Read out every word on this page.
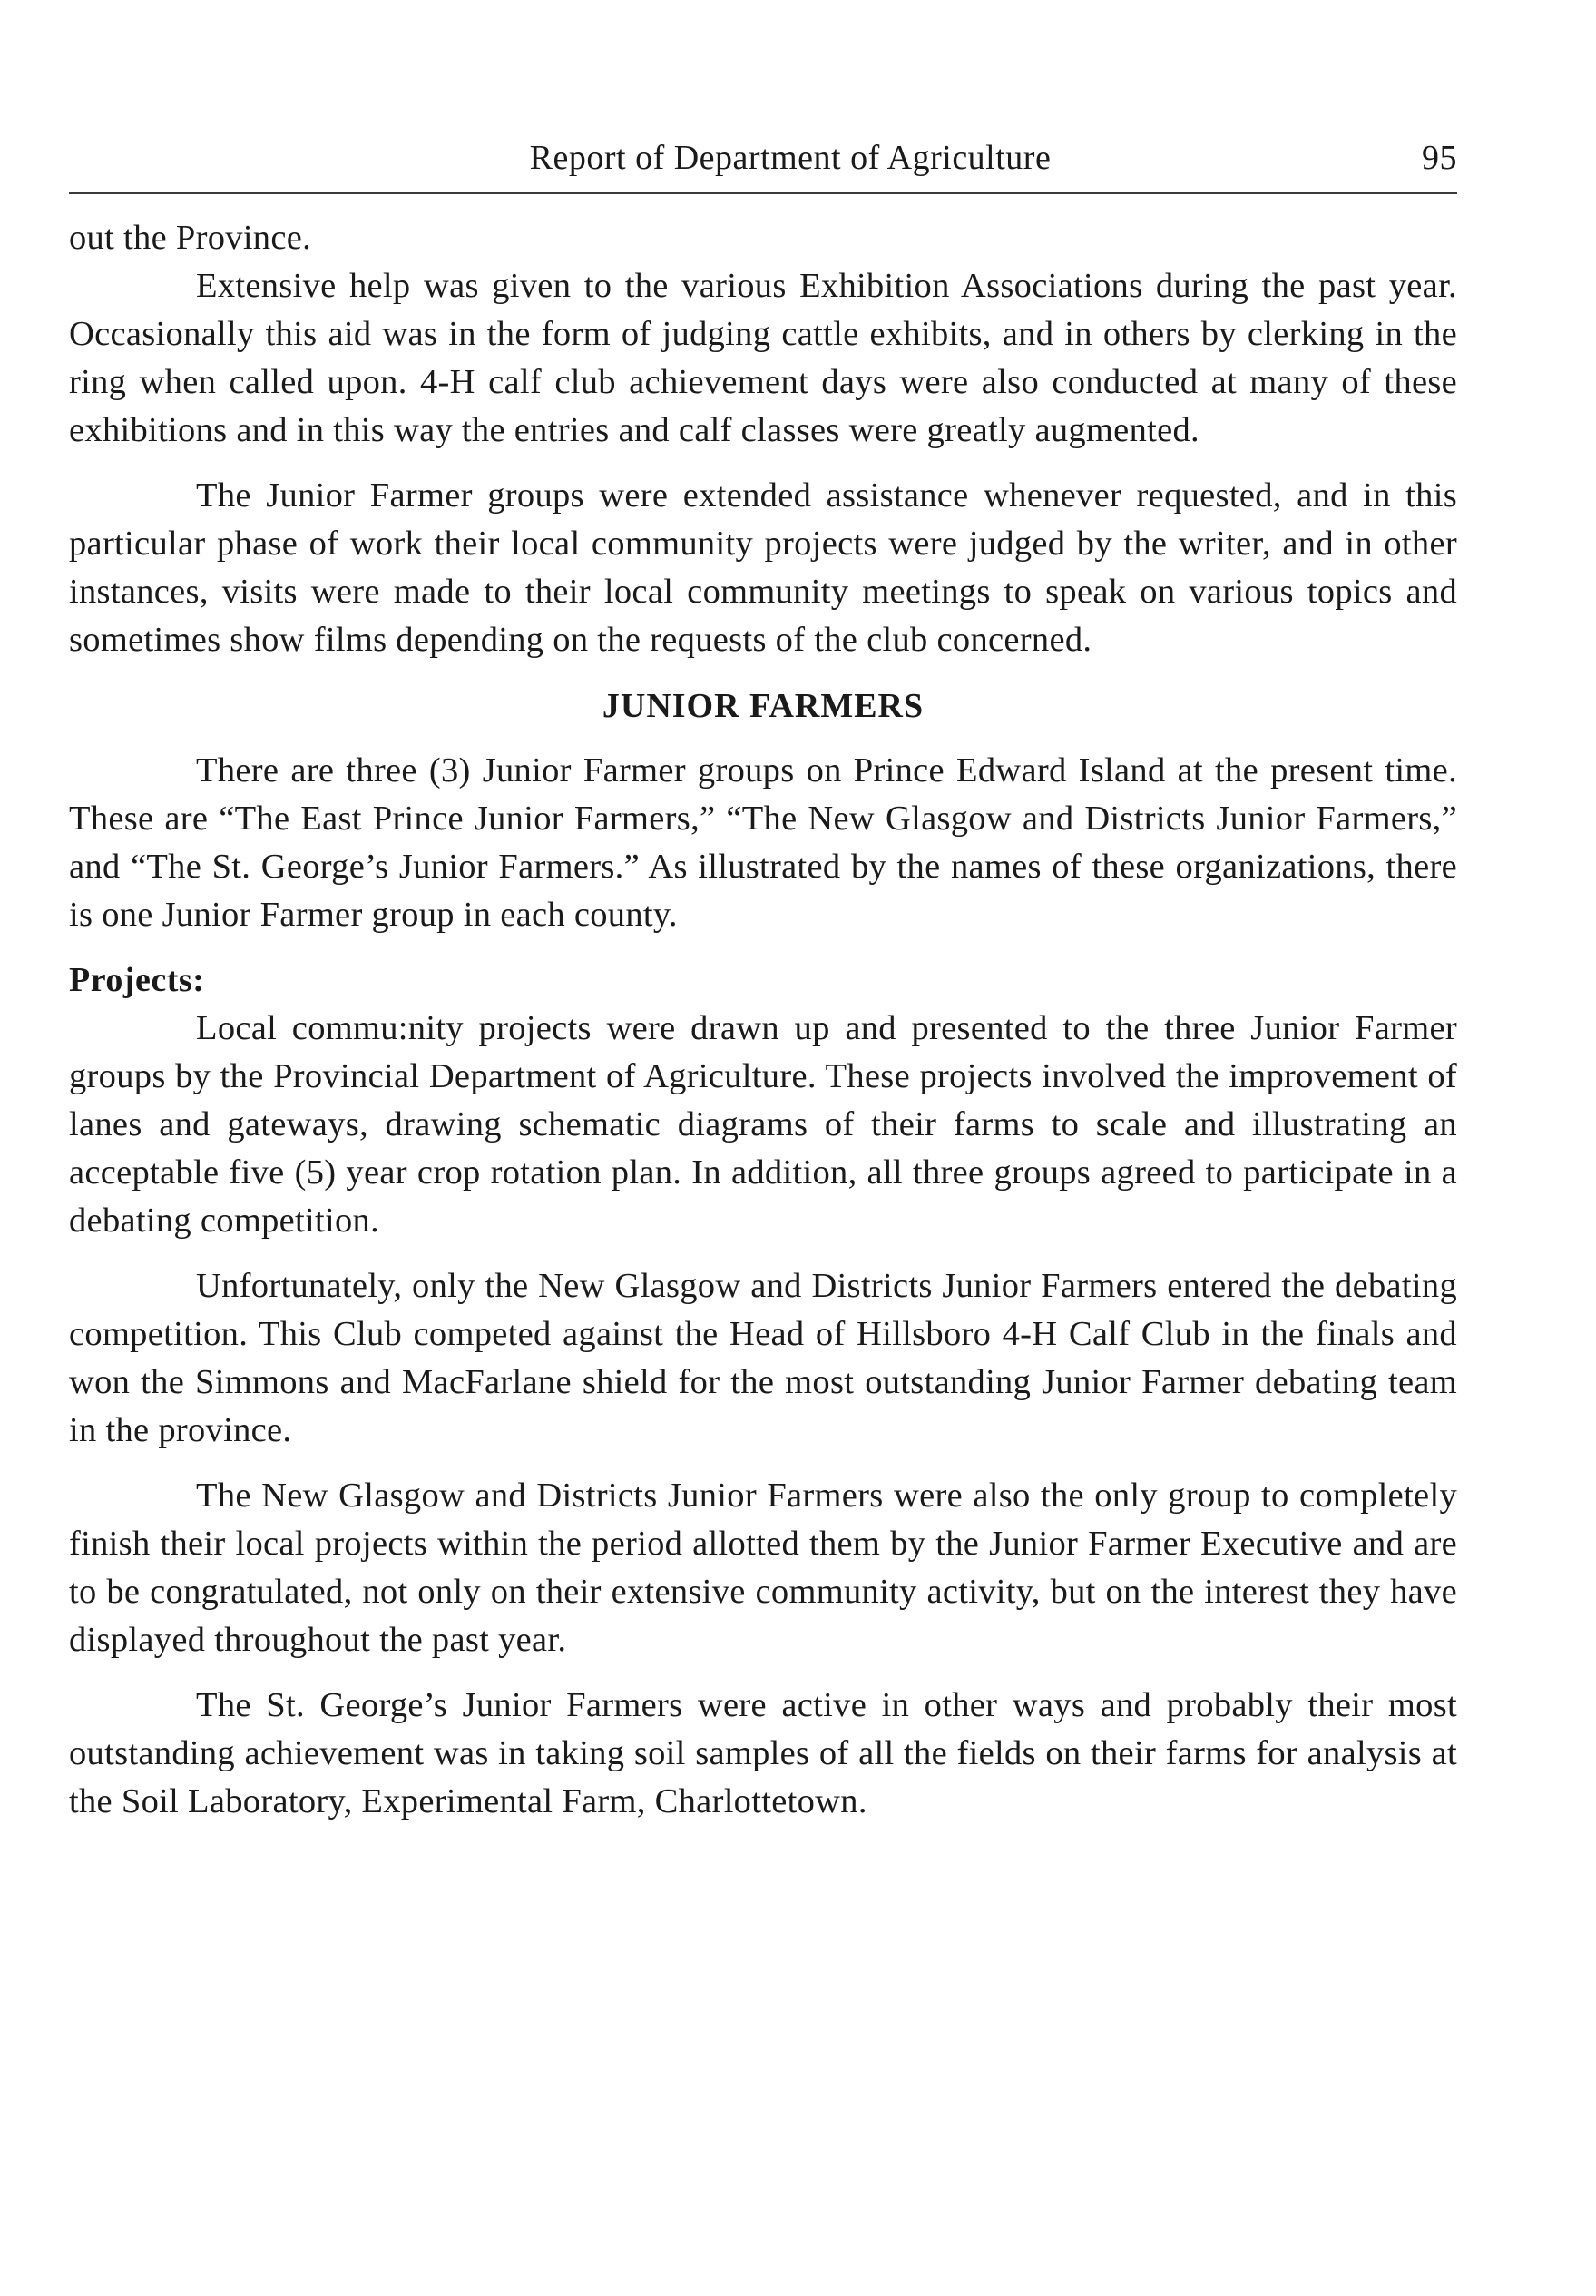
Report of Department of Agriculture	95

out the Province.

Extensive help was given to the various Exhibition Associations during the past year. Occasionally this aid was in the form of judging cattle exhibits, and in others by clerking in the ring when called upon. 4-H calf club achievement days were also conducted at many of these exhibitions and in this way the entries and calf classes were greatly augmented.

The Junior Farmer groups were extended assistance whenever requested, and in this particular phase of work their local community projects were judged by the writer, and in other instances, visits were made to their local community meetings to speak on various topics and sometimes show films depending on the requests of the club concerned.

JUNIOR FARMERS

There are three (3) Junior Farmer groups on Prince Edward Island at the present time. These are “The East Prince Junior Farmers,” “The New Glasgow and Districts Junior Farmers,” and “The St. George’s Junior Farmers.” As illustrated by the names of these organizations, there is one Junior Farmer group in each county.

Projects:

Local commu:nity projects were drawn up and presented to the three Junior Farmer groups by the Provincial Department of Agriculture. These projects involved the improvement of lanes and gateways, drawing schematic diagrams of their farms to scale and illustrating an acceptable five (5) year crop rotation plan. In addition, all three groups agreed to participate in a debating competition.

Unfortunately, only the New Glasgow and Districts Junior Farmers entered the debating competition. This Club competed against the Head of Hillsboro 4-H Calf Club in the finals and won the Simmons and MacFarlane shield for the most outstanding Junior Farmer debating team in the province.

The New Glasgow and Districts Junior Farmers were also the only group to completely finish their local projects within the period allotted them by the Junior Farmer Executive and are to be congratulated, not only on their extensive community activity, but on the interest they have displayed throughout the past year.

The St. George’s Junior Farmers were active in other ways and probably their most outstanding achievement was in taking soil samples of all the fields on their farms for analysis at the Soil Laboratory, Experimental Farm, Charlottetown.
